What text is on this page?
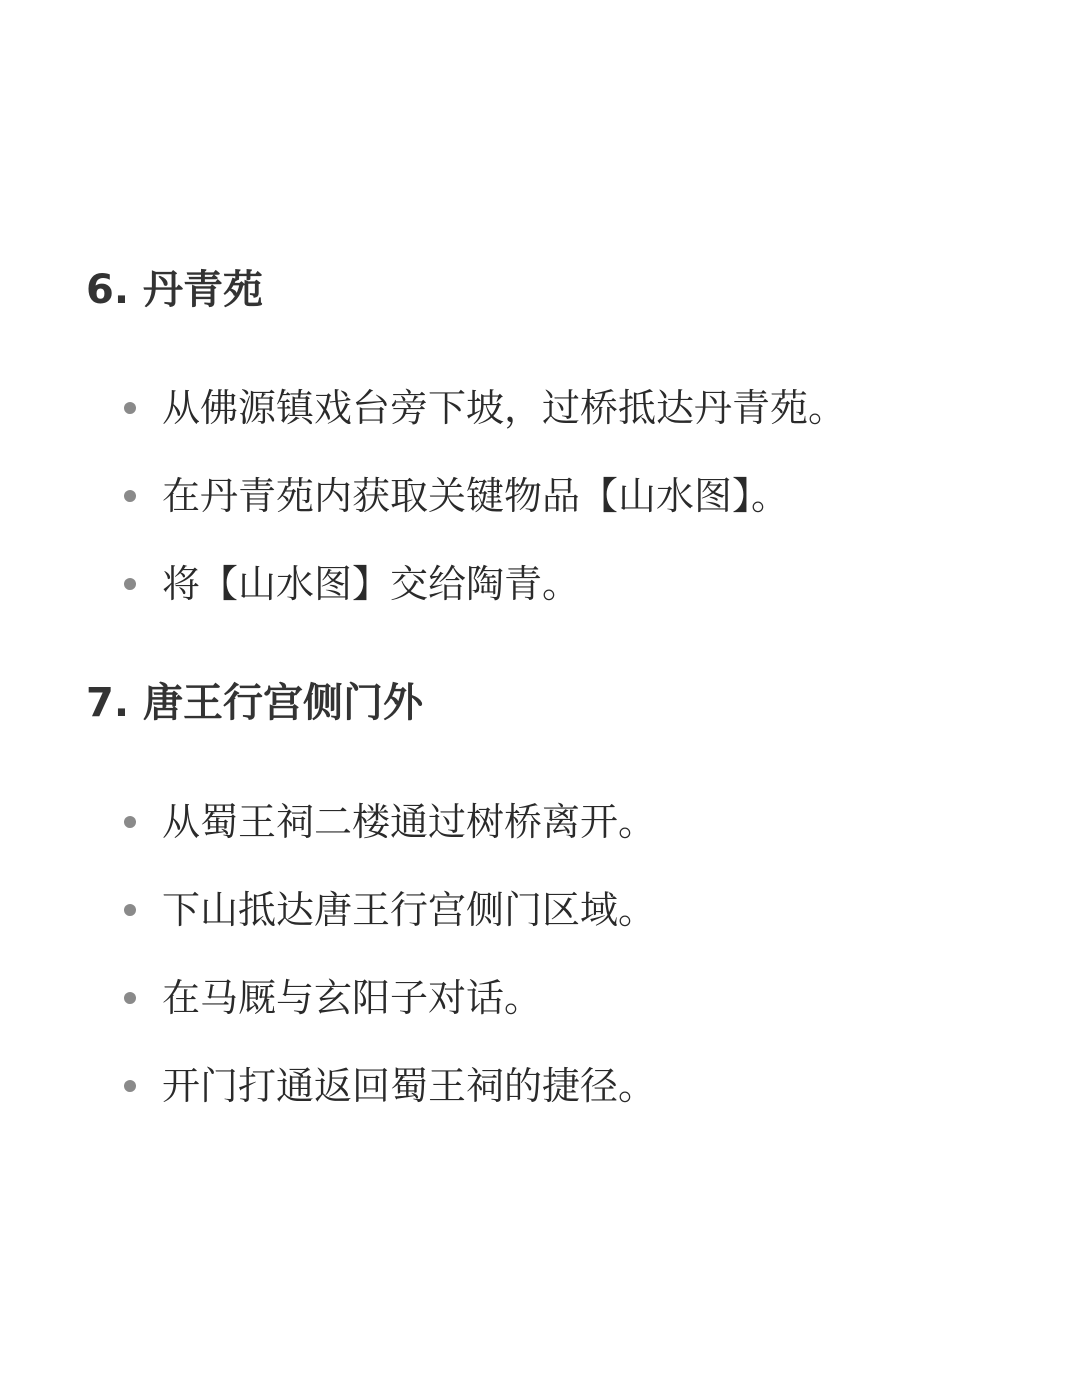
6. 丹青苑
从佛源镇戏台旁下坡，过桥抵达丹青苑。
在丹青苑内获取关键物品【山水图】。
将【山水图】交给陶青。
7. 唐王行宫侧门外
从蜀王祠二楼通过树桥离开。
下山抵达唐王行宫侧门区域。
在马厩与玄阳子对话。
开门打通返回蜀王祠的捷径。
